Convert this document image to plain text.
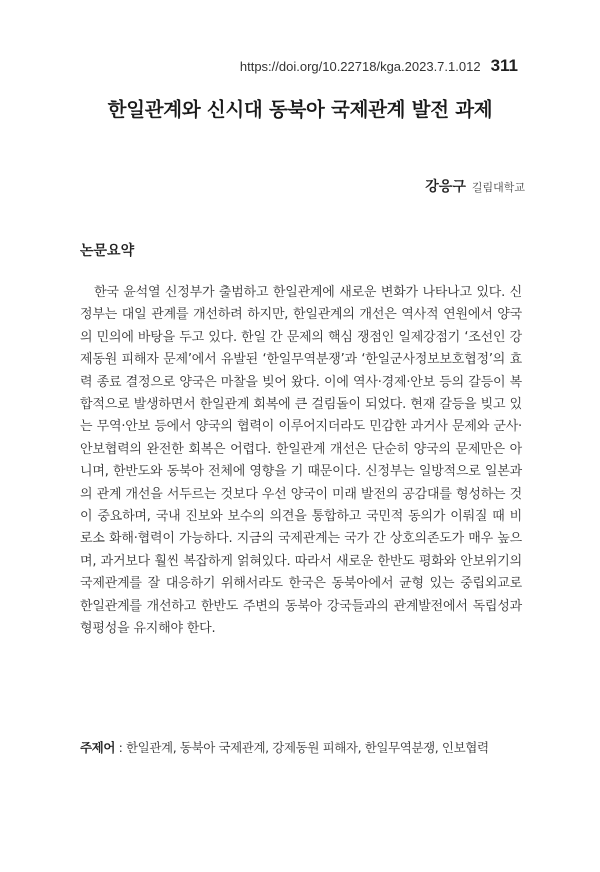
https://doi.org/10.22718/kga.2023.7.1.012 311
한일관계와 신시대 동북아 국제관계 발전 과제
강응구 길림대학교
논문요약

한국 윤석열 신정부가 출범하고 한일관계에 새로운 변화가 나타나고 있다. 신정부는 대일 관계를 개선하려 하지만, 한일관계의 개선은 역사적 연원에서 양국의 민의에 바탕을 두고 있다. 한일 간 문제의 핵심 쟁점인 일제강점기 ‘조선인 강제동원 피해자 문제’에서 유발된 ‘한일무역분쟁’과 ‘한일군사정보보호협정’의 효력 종료 결정으로 양국은 마찰을 빚어 왔다. 이에 역사·경제·안보 등의 갈등이 복합적으로 발생하면서 한일관계 회복에 큰 걸림돌이 되었다. 현재 갈등을 빚고 있는 무역·안보 등에서 양국의 협력이 이루어지더라도 민감한 과거사 문제와 군사·안보협력의 완전한 회복은 어렵다. 한일관계 개선은 단순히 양국의 문제만은 아니며, 한반도와 동북아 전체에 영향을 기 때문이다. 신정부는 일방적으로 일본과의 관계 개선을 서두르는 것보다 우선 양국이 미래 발전의 공감대를 형성하는 것이 중요하며, 국내 진보와 보수의 의견을 통합하고 국민적 동의가 이뤄질 때 비로소 화해·협력이 가능하다. 지금의 국제관계는 국가 간 상호의존도가 매우 높으며, 과거보다 훨씬 복잡하게 얽혀있다. 따라서 새로운 한반도 평화와 안보위기의 국제관계를 잘 대응하기 위해서라도 한국은 동북아에서 균형 있는 중립외교로 한일관계를 개선하고 한반도 주변의 동북아 강국들과의 관계발전에서 독립성과 형평성을 유지해야 한다.

주제어 : 한일관계, 동북아 국제관계, 강제동원 피해자, 한일무역분쟁, 인보협력
